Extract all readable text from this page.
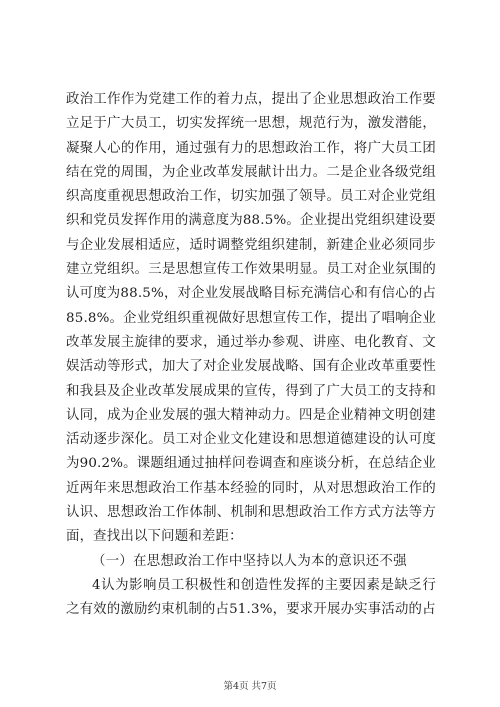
政治工作作为党建工作的着力点，提出了企业思想政治工作要立足于广大员工，切实发挥统一思想，规范行为，激发潜能，凝聚人心的作用，通过强有力的思想政治工作，将广大员工团结在党的周围，为企业改革发展献计出力。二是企业各级党组织高度重视思想政治工作，切实加强了领导。员工对企业党组织和党员发挥作用的满意度为88.5%。企业提出党组织建设要与企业发展相适应，适时调整党组织建制，新建企业必须同步建立党组织。三是思想宣传工作效果明显。员工对企业氛围的认可度为88.5%，对企业发展战略目标充满信心和有信心的占85.8%。企业党组织重视做好思想宣传工作，提出了唱响企业改革发展主旋律的要求，通过举办参观、讲座、电化教育、文娱活动等形式，加大了对企业发展战略、国有企业改革重要性和我县及企业改革发展成果的宣传，得到了广大员工的支持和认同，成为企业发展的强大精神动力。四是企业精神文明创建活动逐步深化。员工对企业文化建设和思想道德建设的认可度为90.2%。课题组通过抽样问卷调查和座谈分析，在总结企业近两年来思想政治工作基本经验的同时，从对思想政治工作的认识、思想政治工作体制、机制和思想政治工作方式方法等方面，查找出以下问题和差距：

（一）在思想政治工作中坚持以人为本的意识还不强

4认为影响员工积极性和创造性发挥的主要因素是缺乏行之有效的激励约束机制的占51.3%，要求开展办实事活动的占

第4页 共7页
